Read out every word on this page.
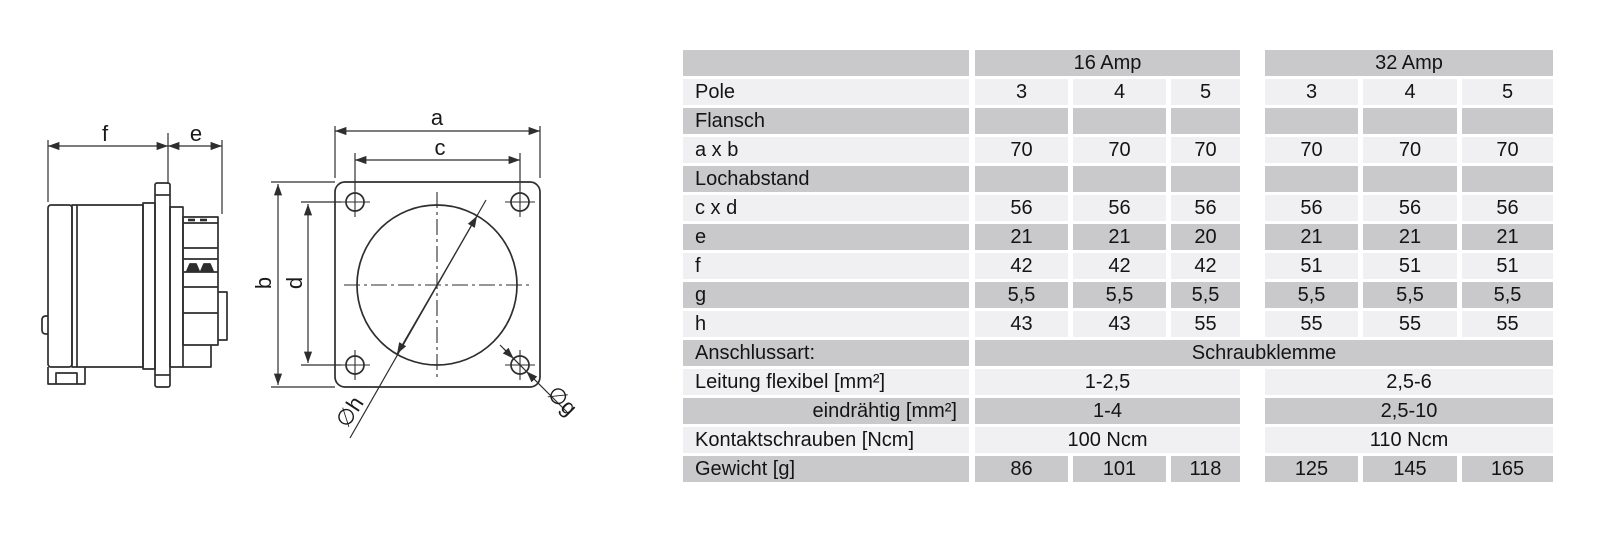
f	e
a
c
b d
∅h	∅g
16 Amp	32 Amp
Pole	3	4	5	3	4	5
Flansch
a x b	70	70	70	70	70	70
Lochabstand
c x d	56	56	56	56	56	56
e	21	21	20	21	21	21
f	42	42	42	51	51	51
g	5,5	5,5	5,5	5,5	5,5	5,5
h	43	43	55	55	55	55
Anschlussart:	Schraubklemme
Leitung flexibel [mm²]	1-2,5	2,5-6
eindrähtig [mm²]	1-4	2,5-10
Kontaktschrauben [Ncm]	100 Ncm	110 Ncm
Gewicht [g]	86	101	118	125	145	165
